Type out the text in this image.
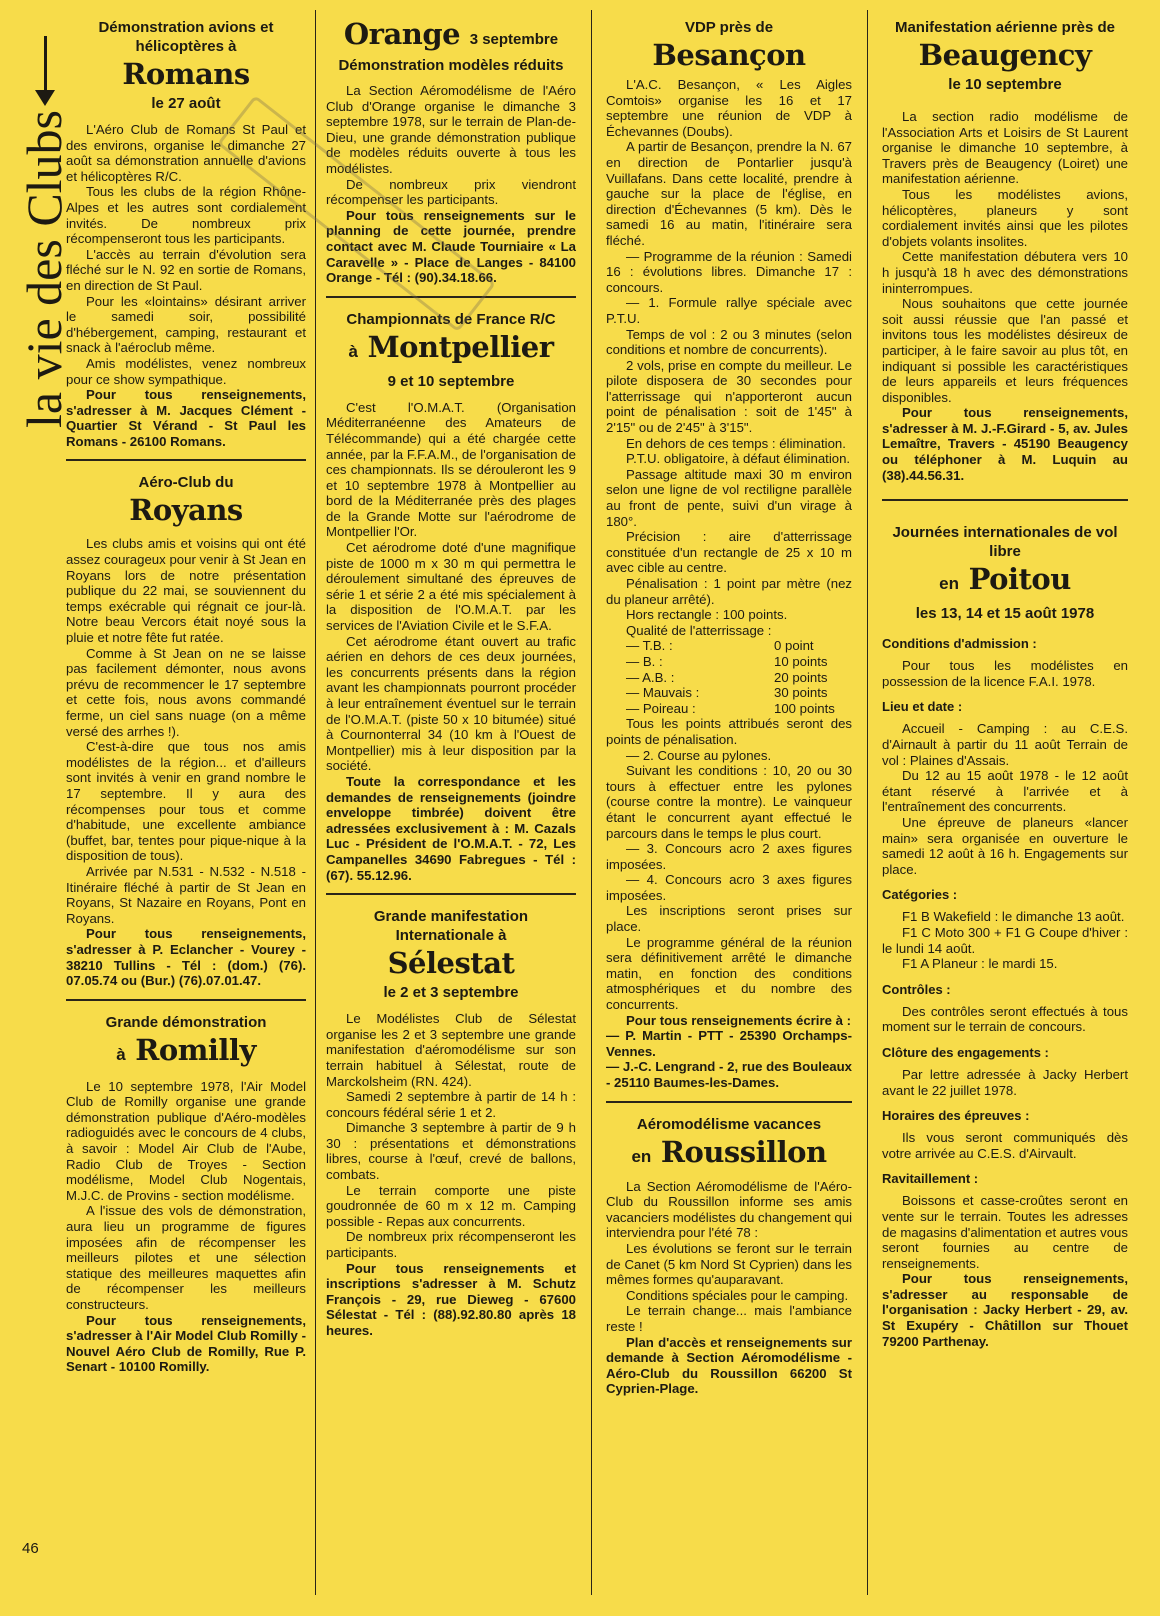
la vie des Clubs
46
Démonstration avions et hélicoptères à
Romans
le 27 août

L'Aéro Club de Romans St Paul et des environs, organise le dimanche 27 août sa démonstration annuelle d'avions et hélicoptères R/C.

Tous les clubs de la région Rhône-Alpes et les autres sont cordialement invités. De nombreux prix récompenseront tous les participants.

L'accès au terrain d'évolution sera fléché sur le N. 92 en sortie de Romans, en direction de St Paul.

Pour les «lointains» désirant arriver le samedi soir, possibilité d'hébergement, camping, restaurant et snack à l'aéroclub même.

Amis modélistes, venez nombreux pour ce show sympathique.

Pour tous renseignements, s'adresser à M. Jacques Clément - Quartier St Vérand - St Paul les Romans - 26100 Romans.

Aéro-Club du
Royans

Les clubs amis et voisins qui ont été assez courageux pour venir à St Jean en Royans lors de notre présentation publique du 22 mai, se souviennent du temps exécrable qui régnait ce jour-là. Notre beau Vercors était noyé sous la pluie et notre fête fut ratée.

Comme à St Jean on ne se laisse pas facilement démonter, nous avons prévu de recommencer le 17 septembre et cette fois, nous avons commandé ferme, un ciel sans nuage (on a même versé des arrhes !).

C'est-à-dire que tous nos amis modélistes de la région... et d'ailleurs sont invités à venir en grand nombre le 17 septembre. Il y aura des récompenses pour tous et comme d'habitude, une excellente ambiance (buffet, bar, tentes pour pique-nique à la disposition de tous).

Arrivée par N.531 - N.532 - N.518 - Itinéraire fléché à partir de St Jean en Royans, St Nazaire en Royans, Pont en Royans.

Pour tous renseignements, s'adresser à P. Eclancher - Vourey - 38210 Tullins - Tél : (dom.) (76). 07.05.74 ou (Bur.) (76).07.01.47.

Grande démonstration
à Romilly

Le 10 septembre 1978, l'Air Model Club de Romilly organise une grande démonstration publique d'Aéro-modèles radioguidés avec le concours de 4 clubs, à savoir : Model Air Club de l'Aube, Radio Club de Troyes - Section modélisme, Model Club Nogentais, M.J.C. de Provins - section modélisme.

A l'issue des vols de démonstration, aura lieu un programme de figures imposées afin de récompenser les meilleurs pilotes et une sélection statique des meilleures maquettes afin de récompenser les meilleurs constructeurs.

Pour tous renseignements, s'adresser à l'Air Model Club Romilly - Nouvel Aéro Club de Romilly, Rue P. Senart - 10100 Romilly.

Orange 3 septembre
Démonstration modèles réduits

La Section Aéromodélisme de l'Aéro Club d'Orange organise le dimanche 3 septembre 1978, sur le terrain de Plan-de-Dieu, une grande démonstration publique de modèles réduits ouverte à tous les modélistes.

De nombreux prix viendront récompenser les participants.

Pour tous renseignements sur le planning de cette journée, prendre contact avec M. Claude Tourniaire « La Caravelle » - Place de Langes - 84100 Orange - Tél : (90).34.18.66.

Championnats de France R/C
à Montpellier
9 et 10 septembre

C'est l'O.M.A.T. (Organisation Méditerranéenne des Amateurs de Télécommande) qui a été chargée cette année, par la F.F.A.M., de l'organisation de ces championnats. Ils se dérouleront les 9 et 10 septembre 1978 à Montpellier au bord de la Méditerranée près des plages de la Grande Motte sur l'aérodrome de Montpellier l'Or.

Cet aérodrome doté d'une magnifique piste de 1000 m x 30 m qui permettra le déroulement simultané des épreuves de série 1 et série 2 a été mis spécialement à la disposition de l'O.M.A.T. par les services de l'Aviation Civile et le S.F.A.

Cet aérodrome étant ouvert au trafic aérien en dehors de ces deux journées, les concurrents présents dans la région avant les championnats pourront procéder à leur entraînement éventuel sur le terrain de l'O.M.A.T. (piste 50 x 10 bitumée) situé à Cournonterral 34 (10 km à l'Ouest de Montpellier) mis à leur disposition par la société.

Toute la correspondance et les demandes de renseignements (joindre enveloppe timbrée) doivent être adressées exclusivement à : M. Cazals Luc - Président de l'O.M.A.T. - 72, Les Campanelles 34690 Fabregues - Tél : (67). 55.12.96.

Grande manifestation Internationale à
Sélestat
le 2 et 3 septembre

Le Modélistes Club de Sélestat organise les 2 et 3 septembre une grande manifestation d'aéromodélisme sur son terrain habituel à Sélestat, route de Marckolsheim (RN. 424).

Samedi 2 septembre à partir de 14 h : concours fédéral série 1 et 2.

Dimanche 3 septembre à partir de 9 h 30 : présentations et démonstrations libres, course à l'œuf, crevé de ballons, combats.

Le terrain comporte une piste goudronnée de 60 m x 12 m. Camping possible - Repas aux concurrents.

De nombreux prix récompenseront les participants.

Pour tous renseignements et inscriptions s'adresser à M. Schutz François - 29, rue Dieweg - 67600 Sélestat - Tél : (88).92.80.80 après 18 heures.

VDP près de
Besançon

L'A.C. Besançon, « Les Aigles Comtois» organise les 16 et 17 septembre une réunion de VDP à Échevannes (Doubs).

A partir de Besançon, prendre la N. 67 en direction de Pontarlier jusqu'à Vuillafans. Dans cette localité, prendre à gauche sur la place de l'église, en direction d'Échevannes (5 km). Dès le samedi 16 au matin, l'itinéraire sera fléché.

— Programme de la réunion : Samedi 16 : évolutions libres. Dimanche 17 : concours.

— 1. Formule rallye spéciale avec P.T.U.

Temps de vol : 2 ou 3 minutes (selon conditions et nombre de concurrents).

2 vols, prise en compte du meilleur. Le pilote disposera de 30 secondes pour l'atterrissage qui n'apporteront aucun point de pénalisation : soit de 1'45" à 2'15" ou de 2'45" à 3'15".

En dehors de ces temps : élimination.

P.T.U. obligatoire, à défaut élimination.

Passage altitude maxi 30 m environ selon une ligne de vol rectiligne parallèle au front de pente, suivi d'un virage à 180°.

Précision : aire d'atterrissage constituée d'un rectangle de 25 x 10 m avec cible au centre.

Pénalisation : 1 point par mètre (nez du planeur arrêté).

Hors rectangle : 100 points.

Qualité de l'atterrissage :

— T.B. :	0 point
— B. :	10 points
— A.B. :	20 points
— Mauvais :	30 points
— Poireau :	100 points

Tous les points attribués seront des points de pénalisation.

— 2. Course au pylones.

Suivant les conditions : 10, 20 ou 30 tours à effectuer entre les pylones (course contre la montre). Le vainqueur étant le concurrent ayant effectué le parcours dans le temps le plus court.

— 3. Concours acro 2 axes figures imposées.

— 4. Concours acro 3 axes figures imposées.

Les inscriptions seront prises sur place.

Le programme général de la réunion sera définitivement arrêté le dimanche matin, en fonction des conditions atmosphériques et du nombre des concurrents.

Pour tous renseignements écrire à :

— P. Martin - PTT - 25390 Orchamps-Vennes.

— J.-C. Lengrand - 2, rue des Bouleaux - 25110 Baumes-les-Dames.

Aéromodélisme vacances
en Roussillon

La Section Aéromodélisme de l'Aéro-Club du Roussillon informe ses amis vacanciers modélistes du changement qui interviendra pour l'été 78 :

Les évolutions se feront sur le terrain de Canet (5 km Nord St Cyprien) dans les mêmes formes qu'auparavant.

Conditions spéciales pour le camping.

Le terrain change... mais l'ambiance reste !

Plan d'accès et renseignements sur demande à Section Aéromodélisme - Aéro-Club du Roussillon 66200 St Cyprien-Plage.

Manifestation aérienne près de
Beaugency
le 10 septembre

La section radio modélisme de l'Association Arts et Loisirs de St Laurent organise le dimanche 10 septembre, à Travers près de Beaugency (Loiret) une manifestation aérienne.

Tous les modélistes avions, hélicoptères, planeurs y sont cordialement invités ainsi que les pilotes d'objets volants insolites.

Cette manifestation débutera vers 10 h jusqu'à 18 h avec des démonstrations ininterrompues.

Nous souhaitons que cette journée soit aussi réussie que l'an passé et invitons tous les modélistes désireux de participer, à le faire savoir au plus tôt, en indiquant si possible les caractéristiques de leurs appareils et leurs fréquences disponibles.

Pour tous renseignements, s'adresser à M. J.-F.Girard - 5, av. Jules Lemaître, Travers - 45190 Beaugency ou téléphoner à M. Luquin au (38).44.56.31.

Journées internationales de vol libre
en Poitou
les 13, 14 et 15 août 1978
Conditions d'admission :

Pour tous les modélistes en possession de la licence F.A.I. 1978.

Lieu et date :

Accueil - Camping : au C.E.S. d'Airnault à partir du 11 août Terrain de vol : Plaines d'Assais.

Du 12 au 15 août 1978 - le 12 août étant réservé à l'arrivée et à l'entraînement des concurrents.

Une épreuve de planeurs «lancer main» sera organisée en ouverture le samedi 12 août à 16 h. Engagements sur place.

Catégories :

F1 B Wakefield : le dimanche 13 août.

F1 C Moto 300 + F1 G Coupe d'hiver : le lundi 14 août.

F1 A Planeur : le mardi 15.

Contrôles :

Des contrôles seront effectués à tous moment sur le terrain de concours.

Clôture des engagements :

Par lettre adressée à Jacky Herbert avant le 22 juillet 1978.

Horaires des épreuves :

Ils vous seront communiqués dès votre arrivée au C.E.S. d'Airvault.

Ravitaillement :

Boissons et casse-croûtes seront en vente sur le terrain. Toutes les adresses de magasins d'alimentation et autres vous seront fournies au centre de renseignements.

Pour tous renseignements, s'adresser au responsable de l'organisation : Jacky Herbert - 29, av. St Exupéry - Châtillon sur Thouet 79200 Parthenay.
